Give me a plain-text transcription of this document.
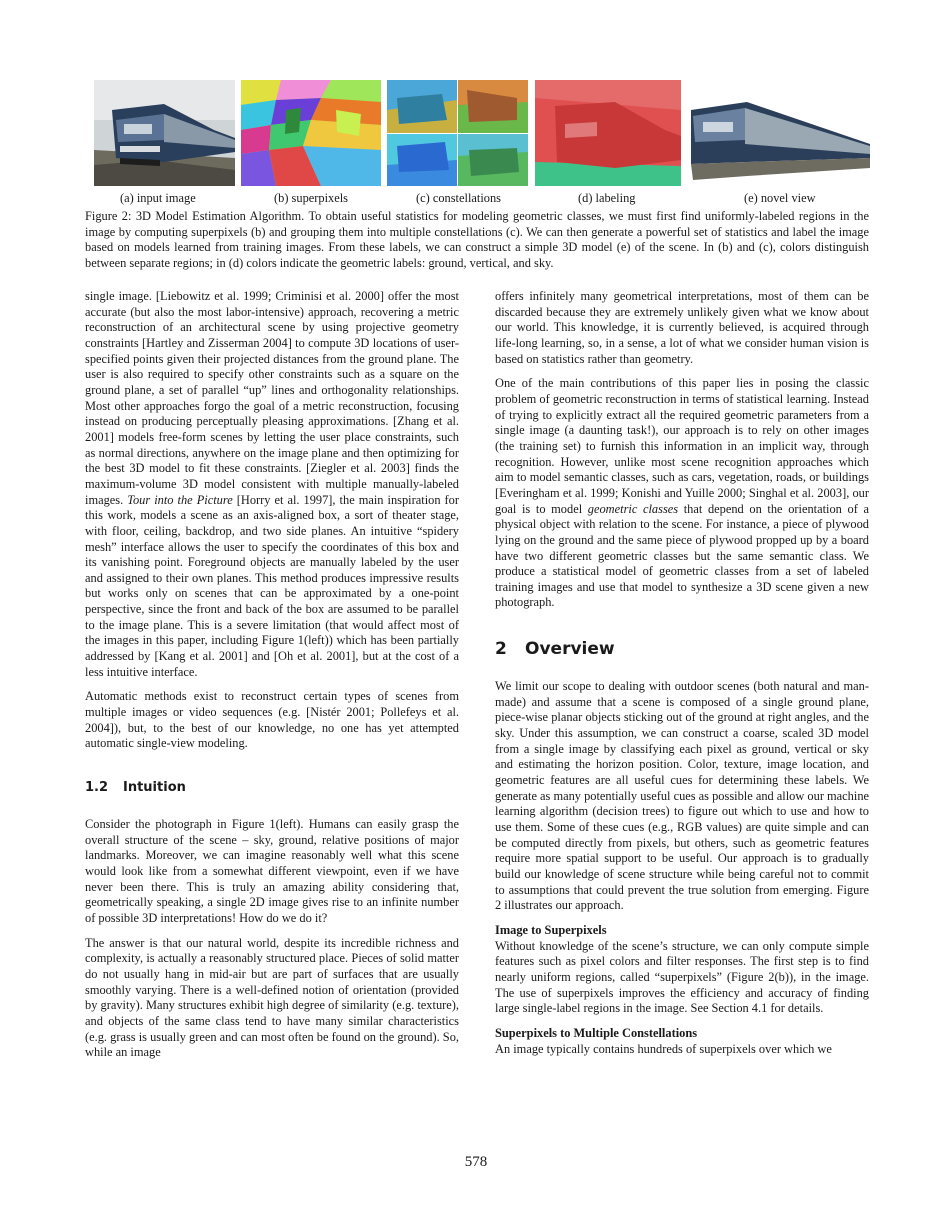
(a) input image	(b) superpixels	(c) constellations	(d) labeling	(e) novel view
Figure 2: 3D Model Estimation Algorithm. To obtain useful statistics for modeling geometric classes, we must first find uniformly-labeled regions in the image by computing superpixels (b) and grouping them into multiple constellations (c). We can then generate a powerful set of statistics and label the image based on models learned from training images. From these labels, we can construct a simple 3D model (e) of the scene. In (b) and (c), colors distinguish between separate regions; in (d) colors indicate the geometric labels: ground, vertical, and sky.

single image. [Liebowitz et al. 1999; Criminisi et al. 2000] offer the most accurate (but also the most labor-intensive) approach, recovering a metric reconstruction of an architectural scene by using projective geometry constraints [Hartley and Zisserman 2004] to compute 3D locations of user-specified points given their projected distances from the ground plane. The user is also required to specify other constraints such as a square on the ground plane, a set of parallel “up” lines and orthogonality relationships. Most other approaches forgo the goal of a metric reconstruction, focusing instead on producing perceptually pleasing approximations. [Zhang et al. 2001] models free-form scenes by letting the user place constraints, such as normal directions, anywhere on the image plane and then optimizing for the best 3D model to fit these constraints. [Ziegler et al. 2003] finds the maximum-volume 3D model consistent with multiple manually-labeled images. Tour into the Picture [Horry et al. 1997], the main inspiration for this work, models a scene as an axis-aligned box, a sort of theater stage, with floor, ceiling, backdrop, and two side planes. An intuitive “spidery mesh” interface allows the user to specify the coordinates of this box and its vanishing point. Foreground objects are manually labeled by the user and assigned to their own planes. This method produces impressive results but works only on scenes that can be approximated by a one-point perspective, since the front and back of the box are assumed to be parallel to the image plane. This is a severe limitation (that would affect most of the images in this paper, including Figure 1(left)) which has been partially addressed by [Kang et al. 2001] and [Oh et al. 2001], but at the cost of a less intuitive interface.

Automatic methods exist to reconstruct certain types of scenes from multiple images or video sequences (e.g. [Nistér 2001; Pollefeys et al. 2004]), but, to the best of our knowledge, no one has yet attempted automatic single-view modeling.

1.2 Intuition

Consider the photograph in Figure 1(left). Humans can easily grasp the overall structure of the scene – sky, ground, relative positions of major landmarks. Moreover, we can imagine reasonably well what this scene would look like from a somewhat different viewpoint, even if we have never been there. This is truly an amazing ability considering that, geometrically speaking, a single 2D image gives rise to an infinite number of possible 3D interpretations! How do we do it?

The answer is that our natural world, despite its incredible richness and complexity, is actually a reasonably structured place. Pieces of solid matter do not usually hang in mid-air but are part of surfaces that are usually smoothly varying. There is a well-defined notion of orientation (provided by gravity). Many structures exhibit high degree of similarity (e.g. texture), and objects of the same class tend to have many similar characteristics (e.g. grass is usually green and can most often be found on the ground). So, while an image

offers infinitely many geometrical interpretations, most of them can be discarded because they are extremely unlikely given what we know about our world. This knowledge, it is currently believed, is acquired through life-long learning, so, in a sense, a lot of what we consider human vision is based on statistics rather than geometry.

One of the main contributions of this paper lies in posing the classic problem of geometric reconstruction in terms of statistical learning. Instead of trying to explicitly extract all the required geometric parameters from a single image (a daunting task!), our approach is to rely on other images (the training set) to furnish this information in an implicit way, through recognition. However, unlike most scene recognition approaches which aim to model semantic classes, such as cars, vegetation, roads, or buildings [Everingham et al. 1999; Konishi and Yuille 2000; Singhal et al. 2003], our goal is to model geometric classes that depend on the orientation of a physical object with relation to the scene. For instance, a piece of plywood lying on the ground and the same piece of plywood propped up by a board have two different geometric classes but the same semantic class. We produce a statistical model of geometric classes from a set of labeled training images and use that model to synthesize a 3D scene given a new photograph.

2 Overview

We limit our scope to dealing with outdoor scenes (both natural and man-made) and assume that a scene is composed of a single ground plane, piece-wise planar objects sticking out of the ground at right angles, and the sky. Under this assumption, we can construct a coarse, scaled 3D model from a single image by classifying each pixel as ground, vertical or sky and estimating the horizon position. Color, texture, image location, and geometric features are all useful cues for determining these labels. We generate as many potentially useful cues as possible and allow our machine learning algorithm (decision trees) to figure out which to use and how to use them. Some of these cues (e.g., RGB values) are quite simple and can be computed directly from pixels, but others, such as geometric features require more spatial support to be useful. Our approach is to gradually build our knowledge of scene structure while being careful not to commit to assumptions that could prevent the true solution from emerging. Figure 2 illustrates our approach.

Image to Superpixels

Without knowledge of the scene’s structure, we can only compute simple features such as pixel colors and filter responses. The first step is to find nearly uniform regions, called “superpixels” (Figure 2(b)), in the image. The use of superpixels improves the efficiency and accuracy of finding large single-label regions in the image. See Section 4.1 for details.

Superpixels to Multiple Constellations

An image typically contains hundreds of superpixels over which we

578
